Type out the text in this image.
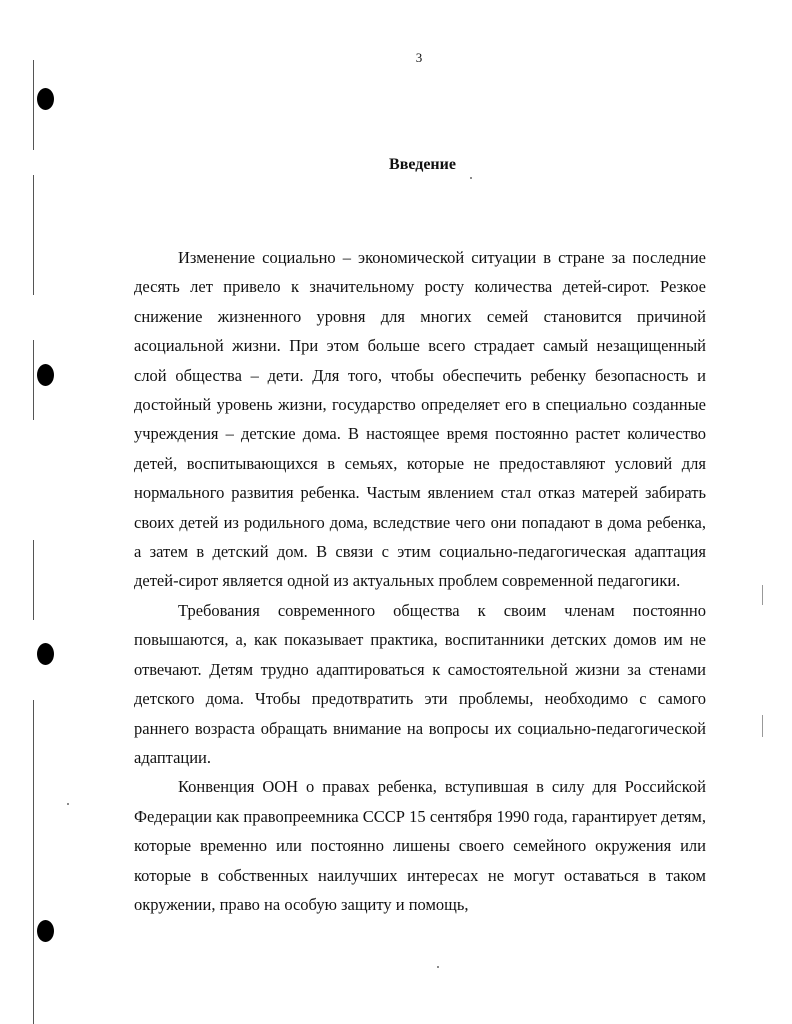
3
Введение

Изменение социально – экономической ситуации в стране за последние десять лет привело к значительному росту количества детей-сирот. Резкое снижение жизненного уровня для многих семей становится причиной асоциальной жизни. При этом больше всего страдает самый незащищенный слой общества – дети. Для того, чтобы обеспечить ребенку безопасность и достойный уровень жизни, государство определяет его в специально созданные учреждения – детские дома. В настоящее время постоянно растет количество детей, воспитывающихся в семьях, которые не предоставляют условий для нормального развития ребенка. Частым явлением стал отказ матерей забирать своих детей из родильного дома, вследствие чего они попадают в дома ребенка, а затем в детский дом. В связи с этим социально-педагогическая адаптация детей-сирот является одной из актуальных проблем современной педагогики.

Требования современного общества к своим членам постоянно повышаются, а, как показывает практика, воспитанники детских домов им не отвечают. Детям трудно адаптироваться к самостоятельной жизни за стенами детского дома. Чтобы предотвратить эти проблемы, необходимо с самого раннего возраста обращать внимание на вопросы их социально-педагогической адаптации.

Конвенция ООН о правах ребенка, вступившая в силу для Российской Федерации как правопреемника СССР 15 сентября 1990 года, гарантирует детям, которые временно или постоянно лишены своего семейного окружения или которые в собственных наилучших интересах не могут оставаться в таком окружении, право на особую защиту и помощь,
